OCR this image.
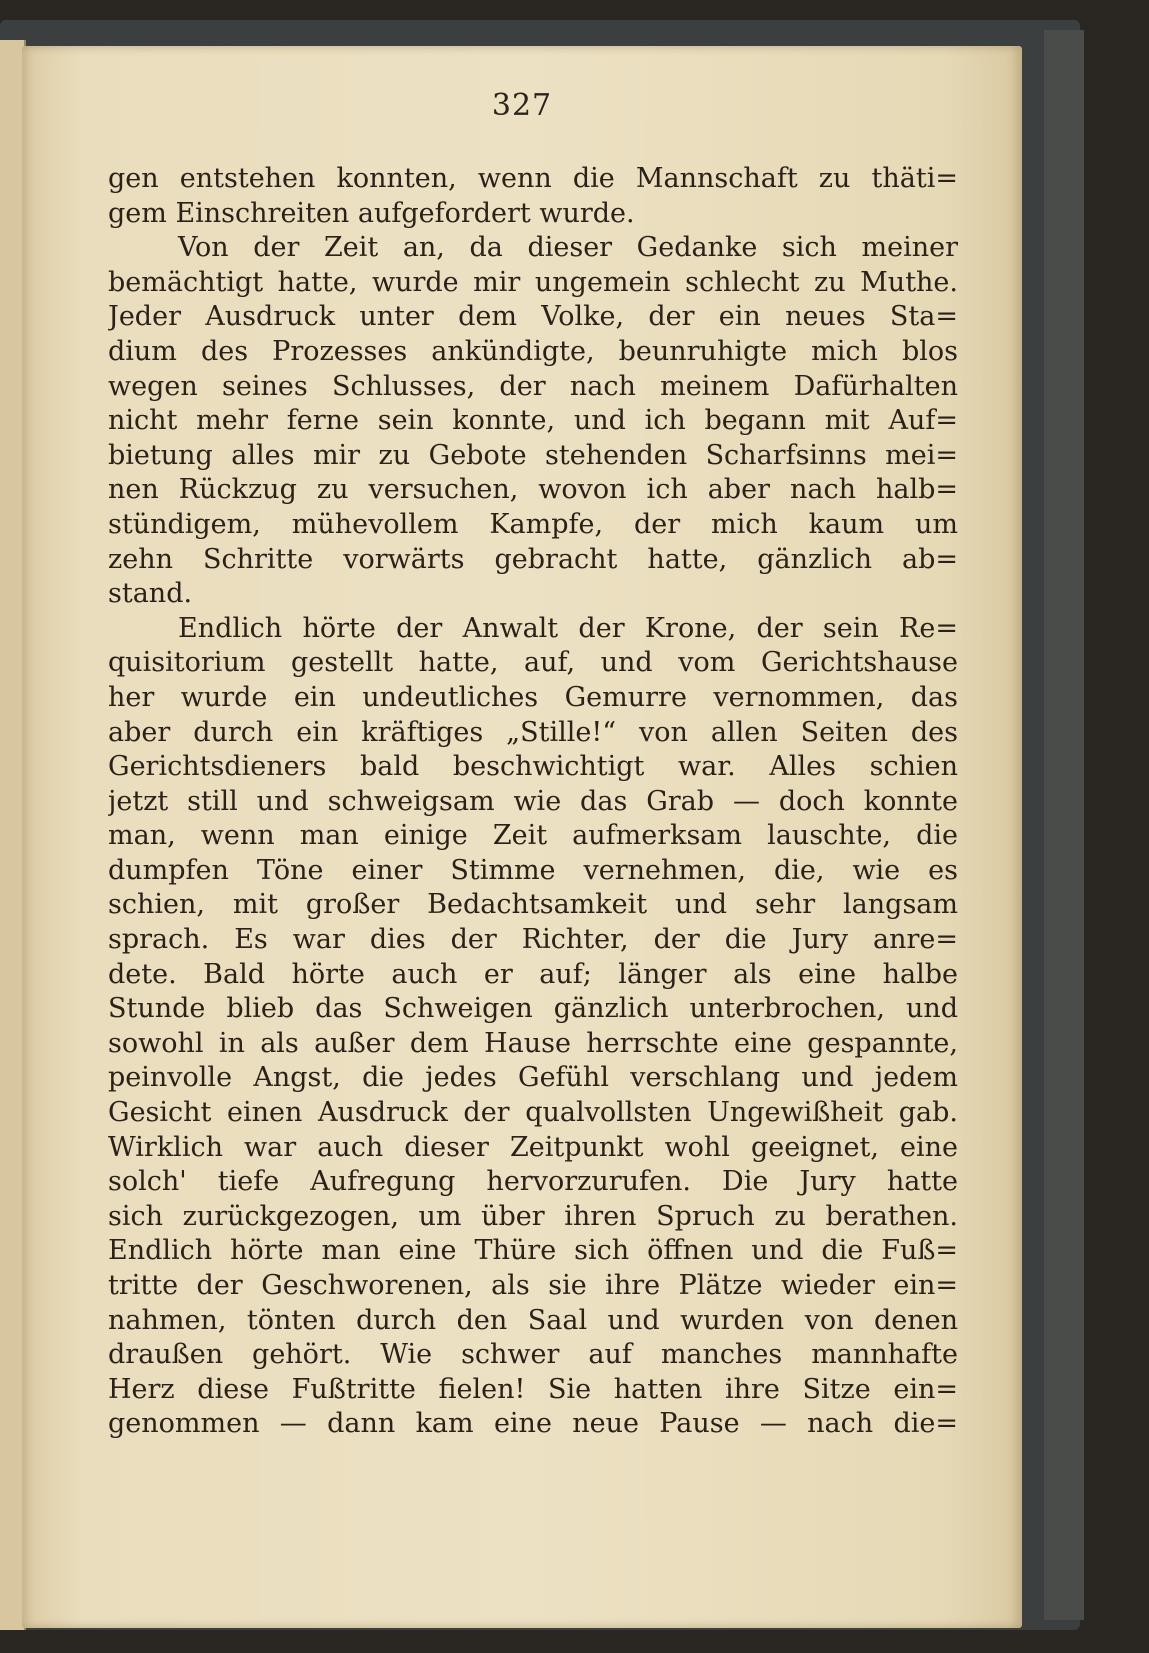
327
gen entstehen konnten, wenn die Mannschaft zu thäti=
gem Einschreiten aufgefordert wurde.
Von der Zeit an, da dieser Gedanke sich meiner
bemächtigt hatte, wurde mir ungemein schlecht zu Muthe.
Jeder Ausdruck unter dem Volke, der ein neues Sta=
dium des Prozesses ankündigte, beunruhigte mich blos
wegen seines Schlusses, der nach meinem Dafürhalten
nicht mehr ferne sein konnte, und ich begann mit Auf=
bietung alles mir zu Gebote stehenden Scharfsinns mei=
nen Rückzug zu versuchen, wovon ich aber nach halb=
stündigem, mühevollem Kampfe, der mich kaum um
zehn Schritte vorwärts gebracht hatte, gänzlich ab=
stand.
Endlich hörte der Anwalt der Krone, der sein Re=
quisitorium gestellt hatte, auf, und vom Gerichtshause
her wurde ein undeutliches Gemurre vernommen, das
aber durch ein kräftiges „Stille!“ von allen Seiten des
Gerichtsdieners bald beschwichtigt war. Alles schien
jetzt still und schweigsam wie das Grab — doch konnte
man, wenn man einige Zeit aufmerksam lauschte, die
dumpfen Töne einer Stimme vernehmen, die, wie es
schien, mit großer Bedachtsamkeit und sehr langsam
sprach. Es war dies der Richter, der die Jury anre=
dete. Bald hörte auch er auf; länger als eine halbe
Stunde blieb das Schweigen gänzlich unterbrochen, und
sowohl in als außer dem Hause herrschte eine gespannte,
peinvolle Angst, die jedes Gefühl verschlang und jedem
Gesicht einen Ausdruck der qualvollsten Ungewißheit gab.
Wirklich war auch dieser Zeitpunkt wohl geeignet, eine
solch' tiefe Aufregung hervorzurufen. Die Jury hatte
sich zurückgezogen, um über ihren Spruch zu berathen.
Endlich hörte man eine Thüre sich öffnen und die Fuß=
tritte der Geschworenen, als sie ihre Plätze wieder ein=
nahmen, tönten durch den Saal und wurden von denen
draußen gehört. Wie schwer auf manches mannhafte
Herz diese Fußtritte fielen! Sie hatten ihre Sitze ein=
genommen — dann kam eine neue Pause — nach die=
